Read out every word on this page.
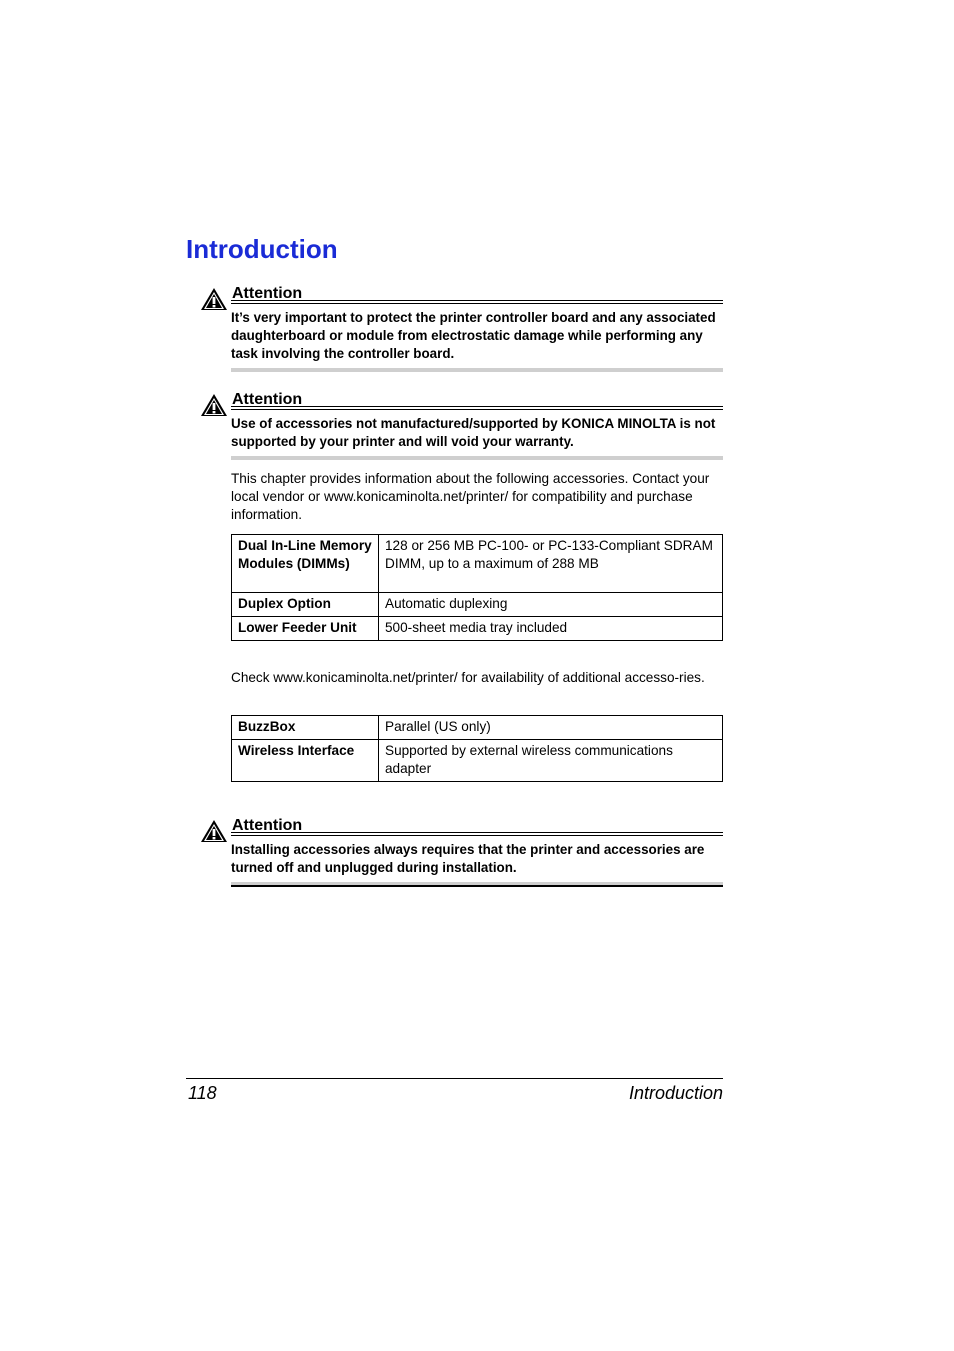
Introduction
Attention
It’s very important to protect the printer controller board and any associated daughterboard or module from electrostatic damage while performing any task involving the controller board.
Attention
Use of accessories not manufactured/supported by KONICA MINOLTA is not supported by your printer and will void your warranty.

This chapter provides information about the following accessories. Contact your local vendor or www.konicaminolta.net/printer/ for compatibility and purchase information.

Dual In-Line Memory Modules (DIMMs)	128 or 256 MB PC-100- or PC-133-Compliant SDRAM DIMM, up to a maximum of 288 MB
Duplex Option	Automatic duplexing
Lower Feeder Unit	500-sheet media tray included

Check www.konicaminolta.net/printer/ for availability of additional accesso-ries.

BuzzBox	Parallel (US only)
Wireless Interface	Supported by external wireless communications adapter
Attention
Installing accessories always requires that the printer and accessories are turned off and unplugged during installation.
118	Introduction
